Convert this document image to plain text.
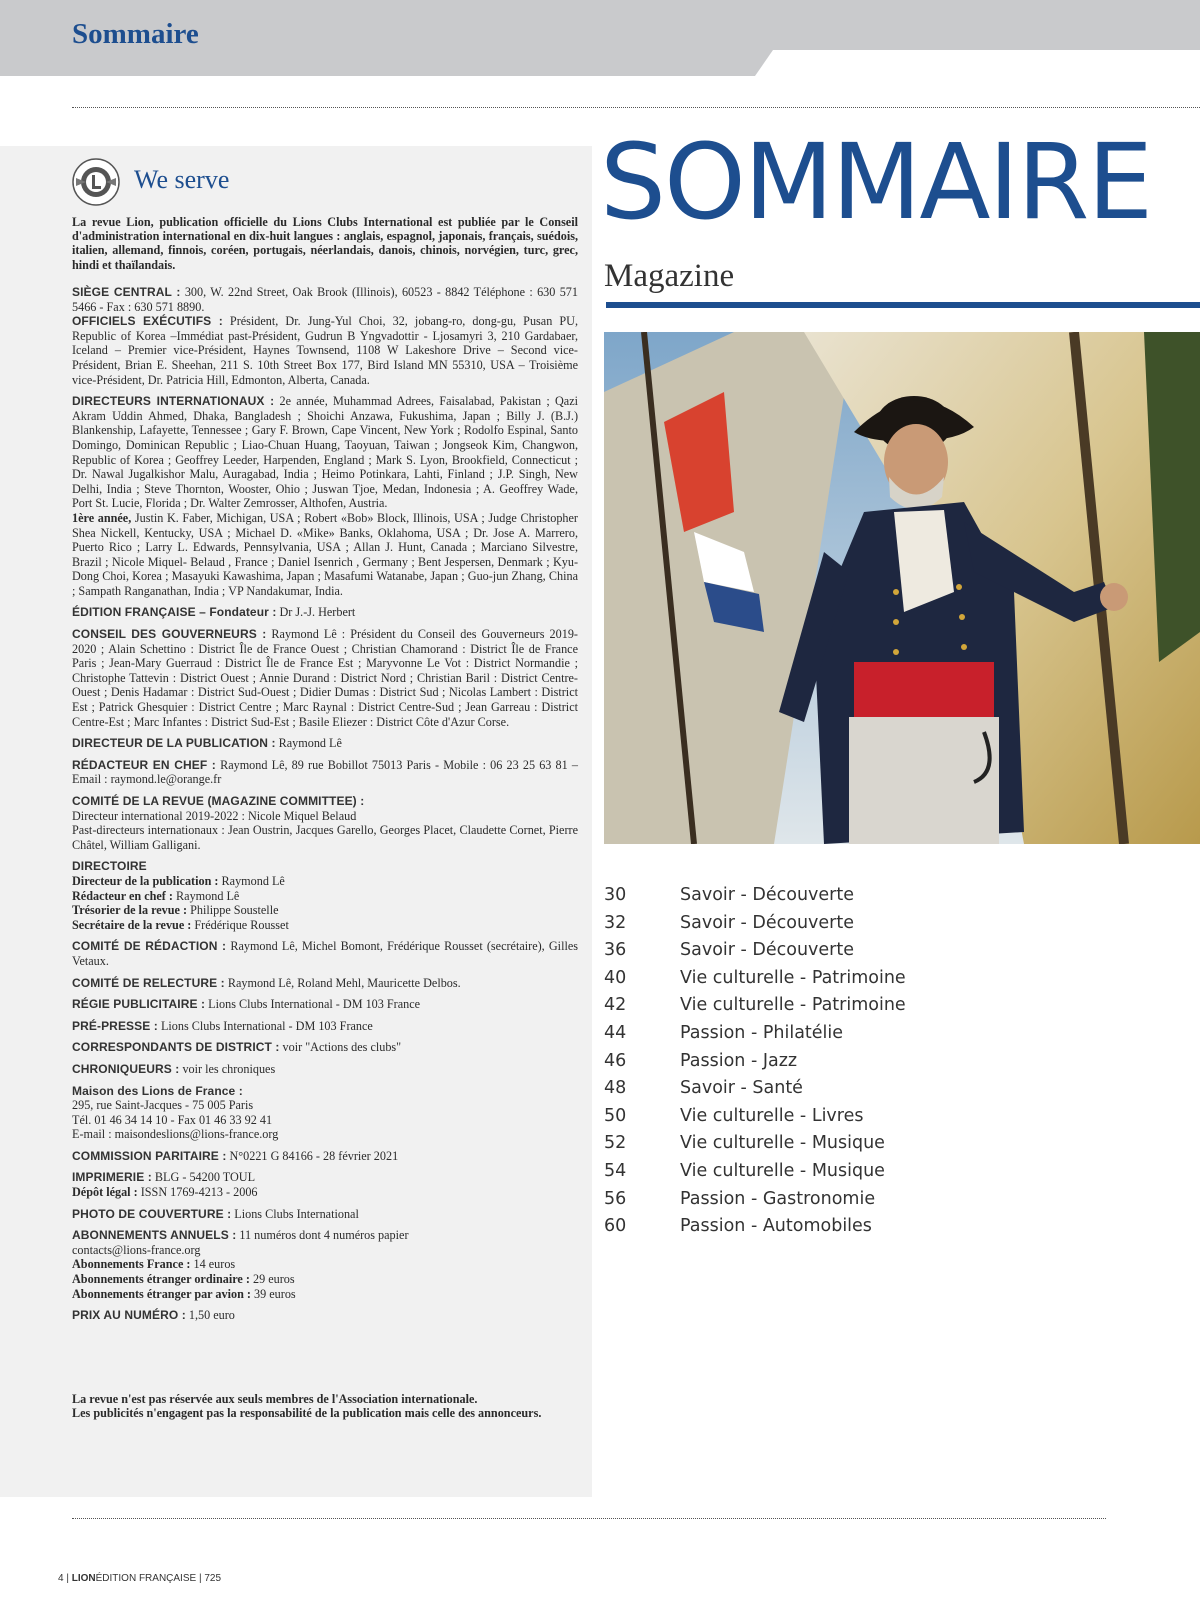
Sommaire
We serve
La revue Lion, publication officielle du Lions Clubs International est publiée par le Conseil d'administration international en dix-huit langues : anglais, espagnol, japonais, français, suédois, italien, allemand, finnois, coréen, portugais, néerlandais, danois, chinois, norvégien, turc, grec, hindi et thaïlandais.
SIÈGE CENTRAL : 300, W. 22nd Street, Oak Brook (Illinois), 60523 - 8842 Téléphone : 630 571 5466 - Fax : 630 571 8890.
OFFICIELS EXÉCUTIFS : Président, Dr. Jung-Yul Choi, 32, jobang-ro, dong-gu, Pusan PU, Republic of Korea –Immédiat past-Président, Gudrun B Yngvadottir - Ljosamyri 3, 210 Gardabaer, Iceland – Premier vice-Président, Haynes Townsend, 1108 W Lakeshore Drive – Second vice-Président, Brian E. Sheehan, 211 S. 10th Street Box 177, Bird Island MN 55310, USA – Troisième vice-Président, Dr. Patricia Hill, Edmonton, Alberta, Canada.
DIRECTEURS INTERNATIONAUX : 2e année, Muhammad Adrees, Faisalabad, Pakistan ; Qazi Akram Uddin Ahmed, Dhaka, Bangladesh ; Shoichi Anzawa, Fukushima, Japan ; Billy J. (B.J.) Blankenship, Lafayette, Tennessee ; Gary F. Brown, Cape Vincent, New York ; Rodolfo Espinal, Santo Domingo, Dominican Republic ; Liao-Chuan Huang, Taoyuan, Taiwan ; Jongseok Kim, Changwon, Republic of Korea ; Geoffrey Leeder, Harpenden, England ; Mark S. Lyon, Brookfield, Connecticut ; Dr. Nawal Jugalkishor Malu, Auragabad, India ; Heimo Potinkara, Lahti, Finland ; J.P. Singh, New Delhi, India ; Steve Thornton, Wooster, Ohio ; Juswan Tjoe, Medan, Indonesia ; A. Geoffrey Wade, Port St. Lucie, Florida ; Dr. Walter Zemrosser, Althofen, Austria.
1ère année, Justin K. Faber, Michigan, USA ; Robert «Bob» Block, Illinois, USA ; Judge Christopher Shea Nickell, Kentucky, USA ; Michael D. «Mike» Banks, Oklahoma, USA ; Dr. Jose A. Marrero, Puerto Rico ; Larry L. Edwards, Pennsylvania, USA ; Allan J. Hunt, Canada ; Marciano Silvestre, Brazil ; Nicole Miquel- Belaud , France ; Daniel Isenrich , Germany ; Bent Jespersen, Denmark ; Kyu-Dong Choi, Korea ; Masayuki Kawashima, Japan ; Masafumi Watanabe, Japan ; Guo-jun Zhang, China ; Sampath Ranganathan, India ; VP Nandakumar, India.
ÉDITION FRANÇAISE – Fondateur : Dr J.-J. Herbert
CONSEIL DES GOUVERNEURS : Raymond Lê : Président du Conseil des Gouverneurs 2019-2020 ; Alain Schettino : District Île de France Ouest ; Christian Chamorand : District Île de France Paris ; Jean-Mary Guerraud : District Île de France Est ; Maryvonne Le Vot : District Normandie ; Christophe Tattevin : District Ouest ; Annie Durand : District Nord ; Christian Baril : District Centre-Ouest ; Denis Hadamar : District Sud-Ouest ; Didier Dumas : District Sud ; Nicolas Lambert : District Est ; Patrick Ghesquier : District Centre ; Marc Raynal : District Centre-Sud ; Jean Garreau : District Centre-Est ; Marc Infantes : District Sud-Est ; Basile Eliezer : District Côte d'Azur Corse.
DIRECTEUR DE LA PUBLICATION : Raymond Lê
RÉDACTEUR EN CHEF : Raymond Lê, 89 rue Bobillot 75013 Paris - Mobile : 06 23 25 63 81 – Email : raymond.le@orange.fr
COMITÉ DE LA REVUE (MAGAZINE COMMITTEE) :
Directeur international 2019-2022 : Nicole Miquel Belaud
Past-directeurs internationaux : Jean Oustrin, Jacques Garello, Georges Placet, Claudette Cornet, Pierre Châtel, William Galligani.
DIRECTOIRE
Directeur de la publication : Raymond Lê
Rédacteur en chef : Raymond Lê
Trésorier de la revue : Philippe Soustelle
Secrétaire de la revue : Frédérique Rousset
COMITÉ DE RÉDACTION : Raymond Lê, Michel Bomont, Frédérique Rousset (secrétaire), Gilles Vetaux.
COMITÉ DE RELECTURE : Raymond Lê, Roland Mehl, Mauricette Delbos.
RÉGIE PUBLICITAIRE : Lions Clubs International - DM 103 France
PRÉ-PRESSE : Lions Clubs International - DM 103 France
CORRESPONDANTS DE DISTRICT : voir "Actions des clubs"
CHRONIQUEURS : voir les chroniques
Maison des Lions de France :
295, rue Saint-Jacques - 75 005 Paris
Tél. 01 46 34 14 10 - Fax 01 46 33 92 41
E-mail : maisondeslions@lions-france.org
COMMISSION PARITAIRE : N°0221 G 84166 - 28 février 2021
IMPRIMERIE : BLG - 54200 TOUL
Dépôt légal : ISSN 1769-4213 - 2006
PHOTO DE COUVERTURE : Lions Clubs International
ABONNEMENTS ANNUELS : 11 numéros dont 4 numéros papier
contacts@lions-france.org
Abonnements France : 14 euros
Abonnements étranger ordinaire : 29 euros
Abonnements étranger par avion : 39 euros
PRIX AU NUMÉRO : 1,50 euro
La revue n'est pas réservée aux seuls membres de l'Association internationale.
Les publicités n'engagent pas la responsabilité de la publication mais celle des annonceurs.
SOMMAIRE
Magazine
30	Savoir - Découverte
32	Savoir - Découverte
36	Savoir - Découverte
40	Vie culturelle - Patrimoine
42	Vie culturelle - Patrimoine
44	Passion - Philatélie
46	Passion - Jazz
48	Savoir - Santé
50	Vie culturelle - Livres
52	Vie culturelle - Musique
54	Vie culturelle - Musique
56	Passion - Gastronomie
60	Passion - Automobiles
4 | LIONÉDITION FRANÇAISE | 725
